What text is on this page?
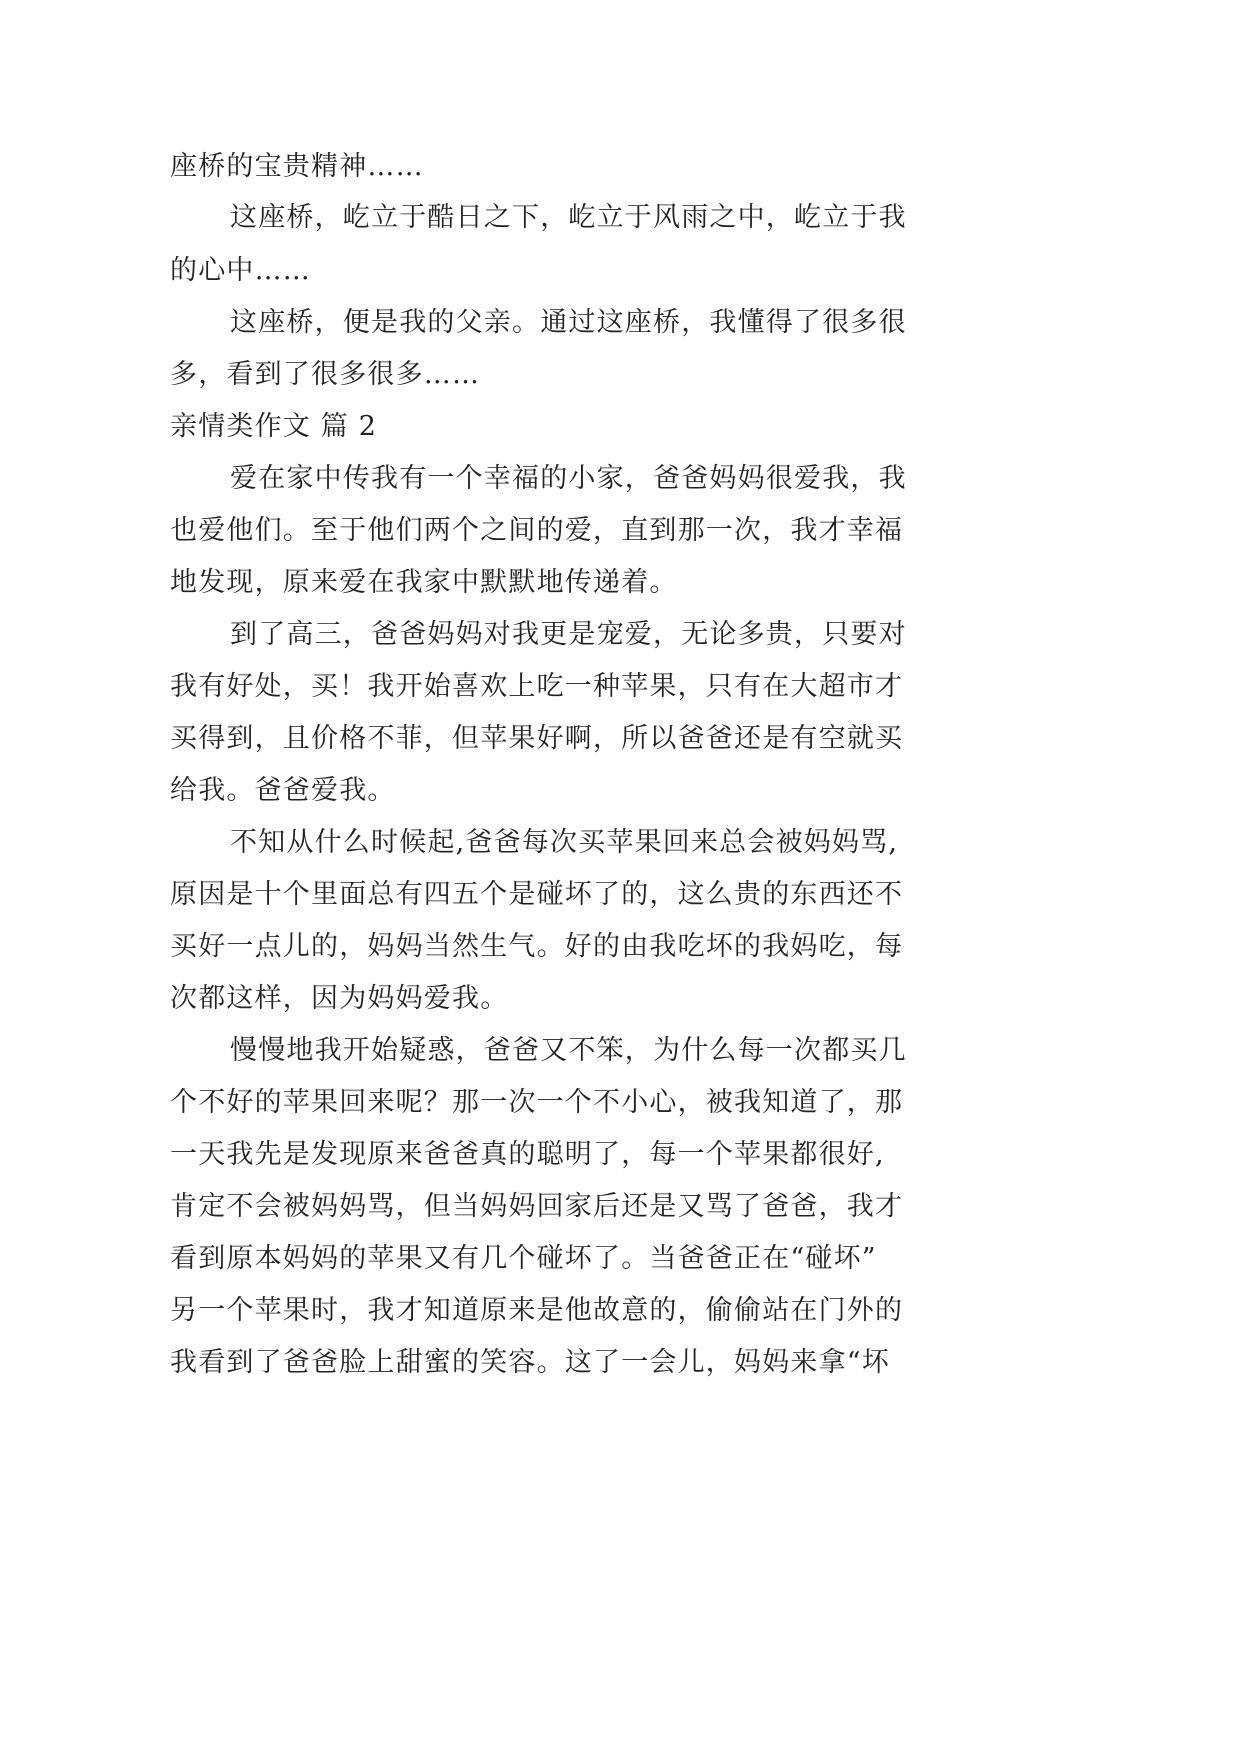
座桥的宝贵精神……
这座桥，屹立于酷日之下，屹立于风雨之中，屹立于我
的心中……
这座桥，便是我的父亲。通过这座桥，我懂得了很多很
多，看到了很多很多……
亲情类作文 篇 2
爱在家中传我有一个幸福的小家，爸爸妈妈很爱我，我
也爱他们。至于他们两个之间的爱，直到那一次，我才幸福
地发现，原来爱在我家中默默地传递着。
到了高三，爸爸妈妈对我更是宠爱，无论多贵，只要对
我有好处，买！我开始喜欢上吃一种苹果，只有在大超市才
买得到，且价格不菲，但苹果好啊，所以爸爸还是有空就买
给我。爸爸爱我。
不知从什么时候起,爸爸每次买苹果回来总会被妈妈骂,
原因是十个里面总有四五个是碰坏了的，这么贵的东西还不
买好一点儿的，妈妈当然生气。好的由我吃坏的我妈吃，每
次都这样，因为妈妈爱我。
慢慢地我开始疑惑，爸爸又不笨，为什么每一次都买几
个不好的苹果回来呢？那一次一个不小心，被我知道了，那
一天我先是发现原来爸爸真的聪明了，每一个苹果都很好,
肯定不会被妈妈骂，但当妈妈回家后还是又骂了爸爸，我才
看到原本妈妈的苹果又有几个碰坏了。当爸爸正在“碰坏”
另一个苹果时，我才知道原来是他故意的，偷偷站在门外的
我看到了爸爸脸上甜蜜的笑容。这了一会儿，妈妈来拿“坏
